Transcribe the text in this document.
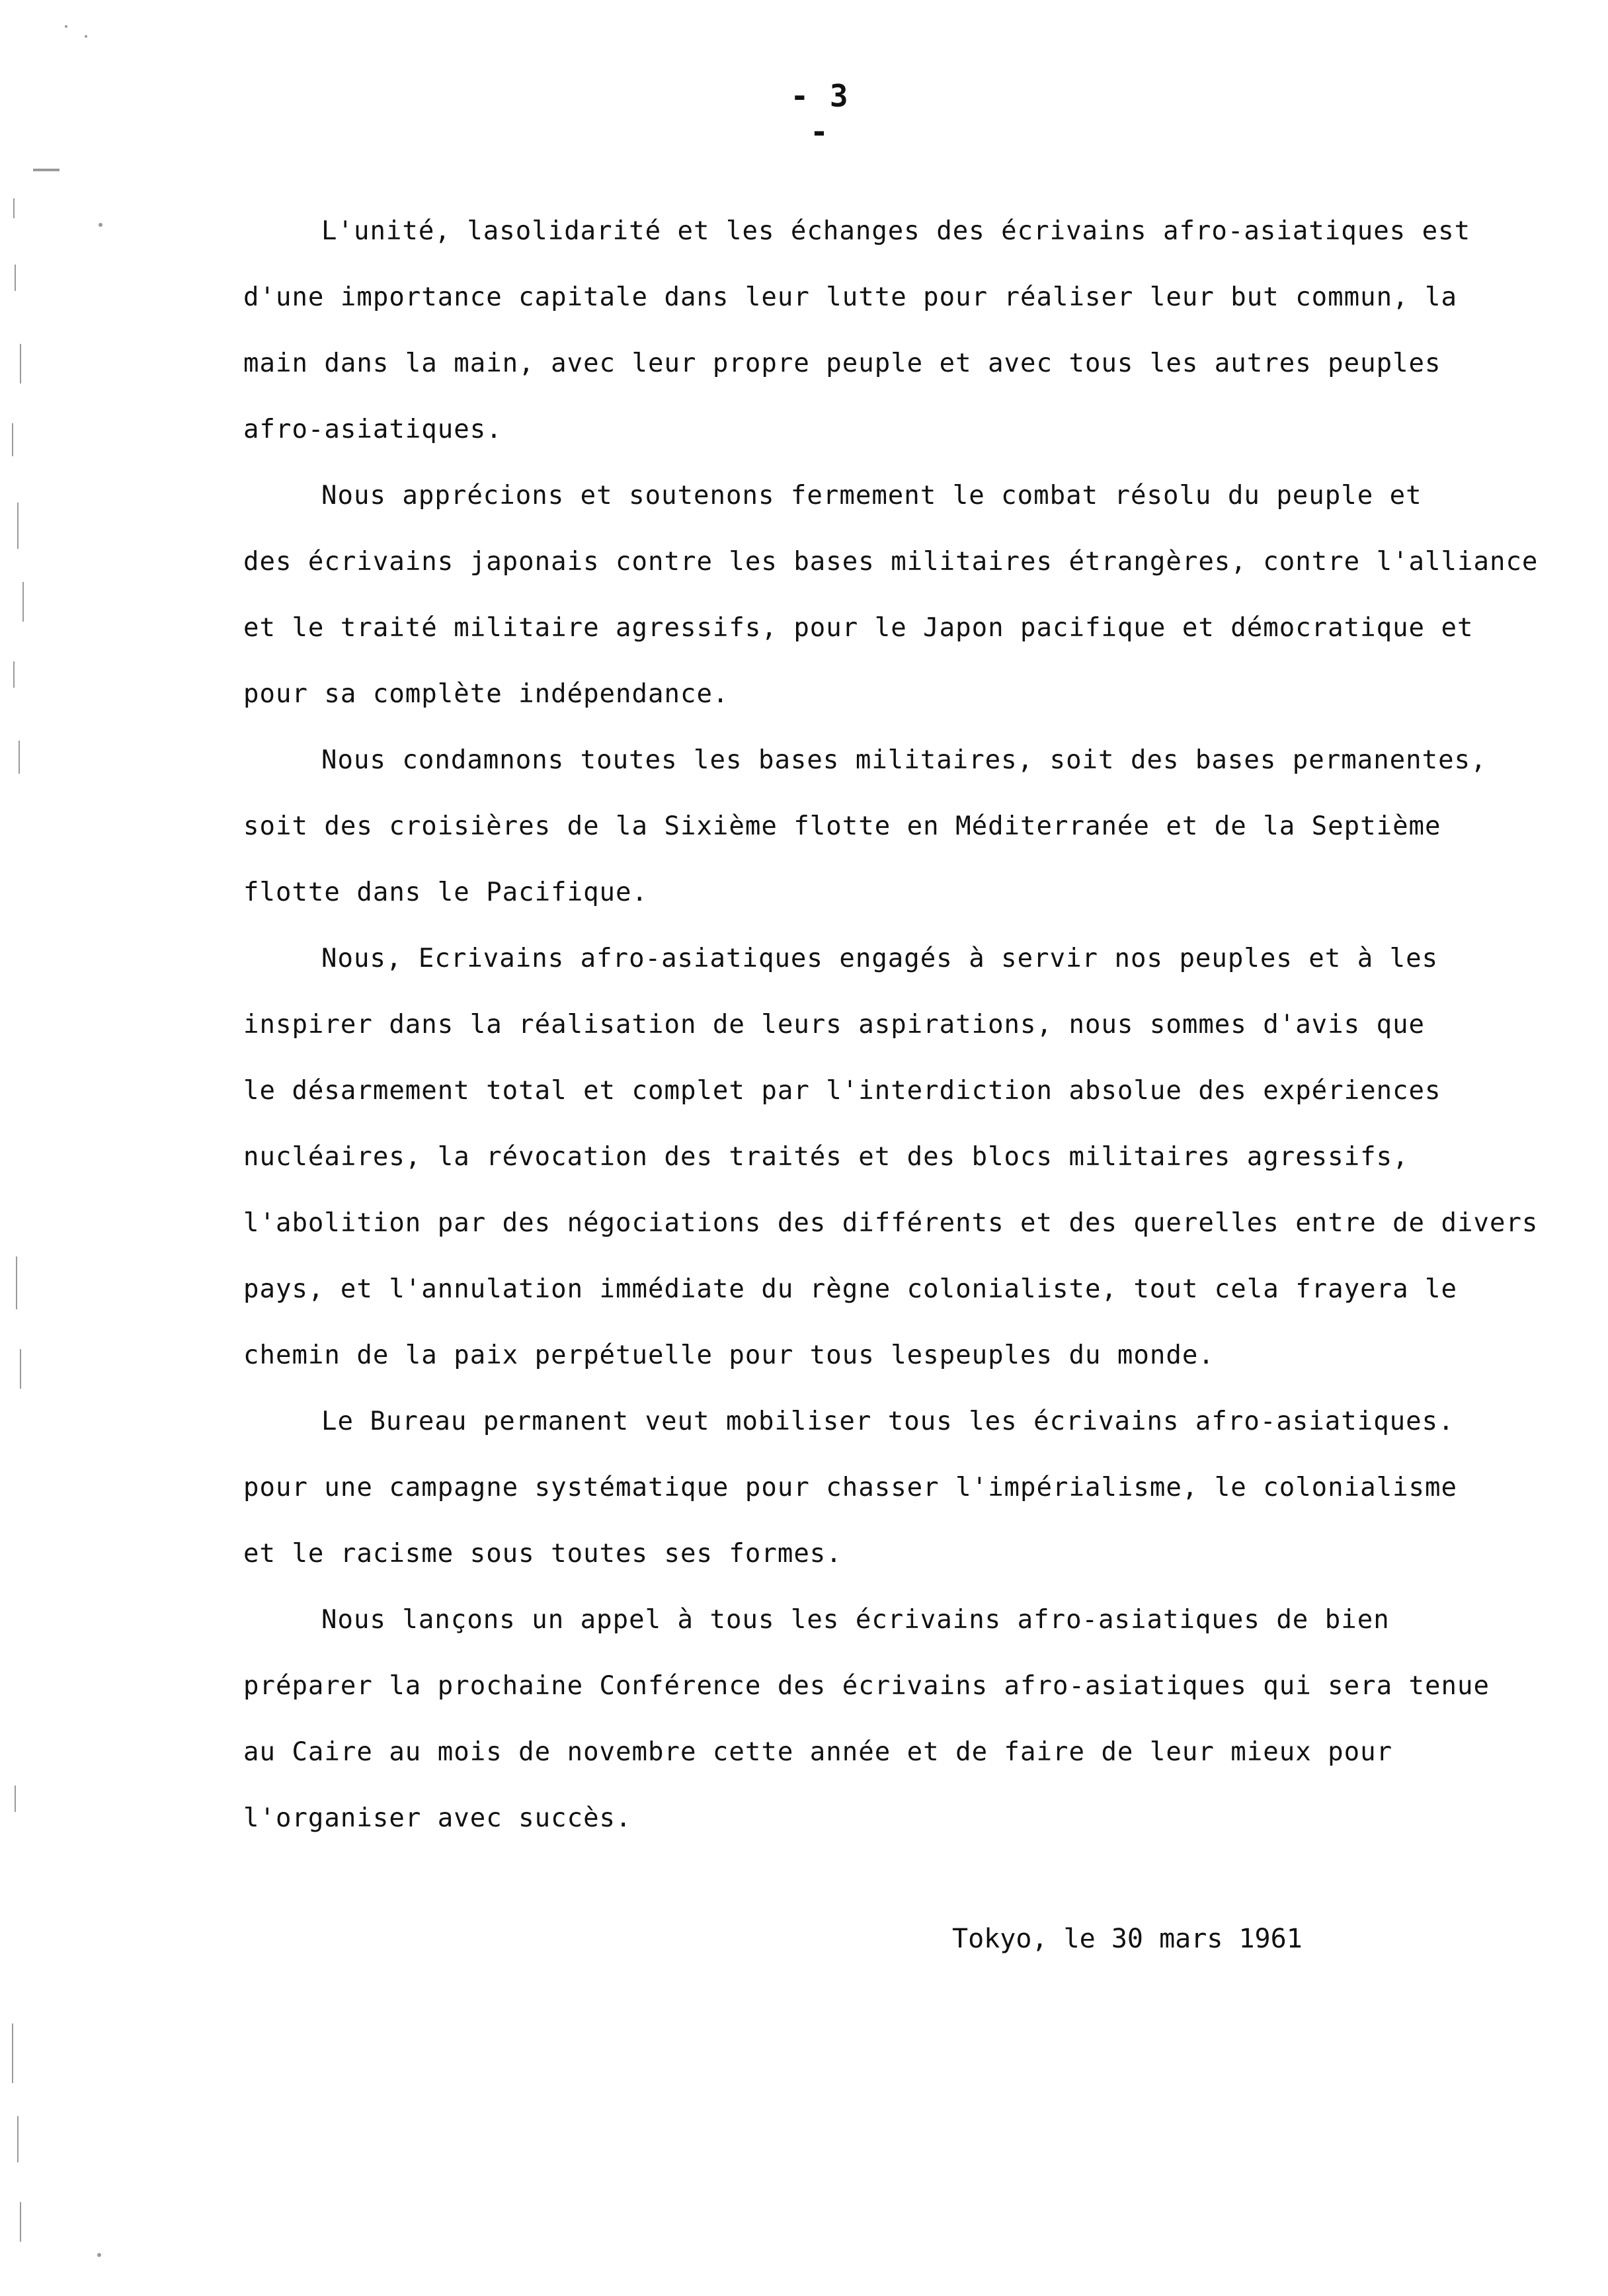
- 3 -
L'unité, lasolidarité et les échanges des écrivains afro-asiatiques est
d'une importance capitale dans leur lutte pour réaliser leur but commun, la
main dans la main, avec leur propre peuple et avec tous les autres peuples
afro-asiatiques.
Nous apprécions et soutenons fermement le combat résolu du peuple et
des écrivains japonais contre les bases militaires étrangères, contre l'alliance
et le traité militaire agressifs, pour le Japon pacifique et démocratique et
pour sa complète indépendance.
Nous condamnons toutes les bases militaires, soit des bases permanentes,
soit des croisières de la Sixième flotte en Méditerranée et de la Septième
flotte dans le Pacifique.
Nous, Ecrivains afro-asiatiques engagés à servir nos peuples et à les
inspirer dans la réalisation de leurs aspirations, nous sommes d'avis que
le désarmement total et complet par l'interdiction absolue des expériences
nucléaires, la révocation des traités et des blocs militaires agressifs,
l'abolition par des négociations des différents et des querelles entre de divers
pays, et l'annulation immédiate du règne colonialiste, tout cela frayera le
chemin de la paix perpétuelle pour tous lespeuples du monde.
Le Bureau permanent veut mobiliser tous les écrivains afro-asiatiques.
pour une campagne systématique pour chasser l'impérialisme, le colonialisme
et le racisme sous toutes ses formes.
Nous lançons un appel à tous les écrivains afro-asiatiques de bien
préparer la prochaine Conférence des écrivains afro-asiatiques qui sera tenue
au Caire au mois de novembre cette année et de faire de leur mieux pour
l'organiser avec succès.
Tokyo, le 30 mars 1961
